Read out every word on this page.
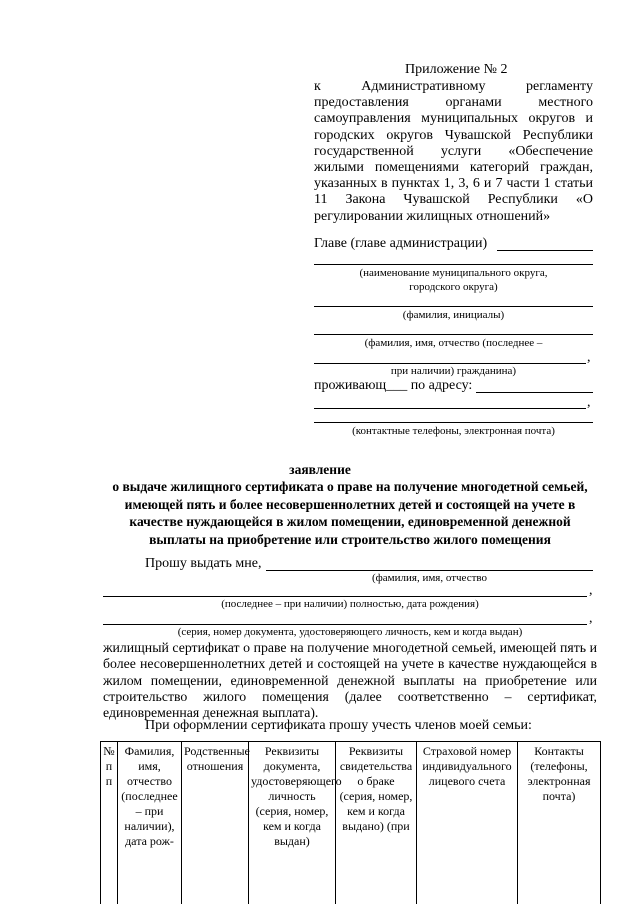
Приложение № 2
к Административному регламенту предоставления органами местного самоуправления муниципальных округов и городских округов Чувашской Республики государственной услуги «Обеспечение жилыми помещениями категорий граждан, указанных в пунктах 1, 3, 6 и 7 части 1 статьи 11 Закона Чувашской Республики «О регулировании жилищных отношений»
Главе (главе администрации)
(наименование муниципального округа,
городского округа)
(фамилия, инициалы)
(фамилия, имя, отчество (последнее –
,
при наличии) гражданина)
проживающ___ по адресу:
,
(контактные телефоны, электронная почта)
заявление
о выдаче жилищного сертификата о праве на получение многодетной семьей, имеющей пять и более несовершеннолетних детей и состоящей на учете в качестве нуждающейся в жилом помещении, единовременной денежной выплаты на приобретение или строительство жилого помещения
Прошу выдать мне,
(фамилия, имя, отчество
,
(последнее – при наличии) полностью, дата рождения)
,
(серия, номер документа, удостоверяющего личность, кем и когда выдан)
жилищный сертификат о праве на получение многодетной семьей, имеющей пять и более несовершеннолетних детей и состоящей на учете в качестве нуждающейся в жилом помещении, единовременной денежной выплаты на приобретение или строительство жилого помещения (далее соответственно – сертификат, единовременная денежная выплата).
При оформлении сертификата прошу учесть членов моей семьи:
№ п п	Фамилия, имя, отчество (последнее – при наличии), дата рож-	Родственные отношения	Реквизиты документа, удостоверяющего личность (серия, номер, кем и когда выдан)	Реквизиты свидетельства о браке (серия, номер, кем и когда выдано) (при	Страховой номер индивидуального лицевого счета	Контакты (телефоны, электронная почта)
